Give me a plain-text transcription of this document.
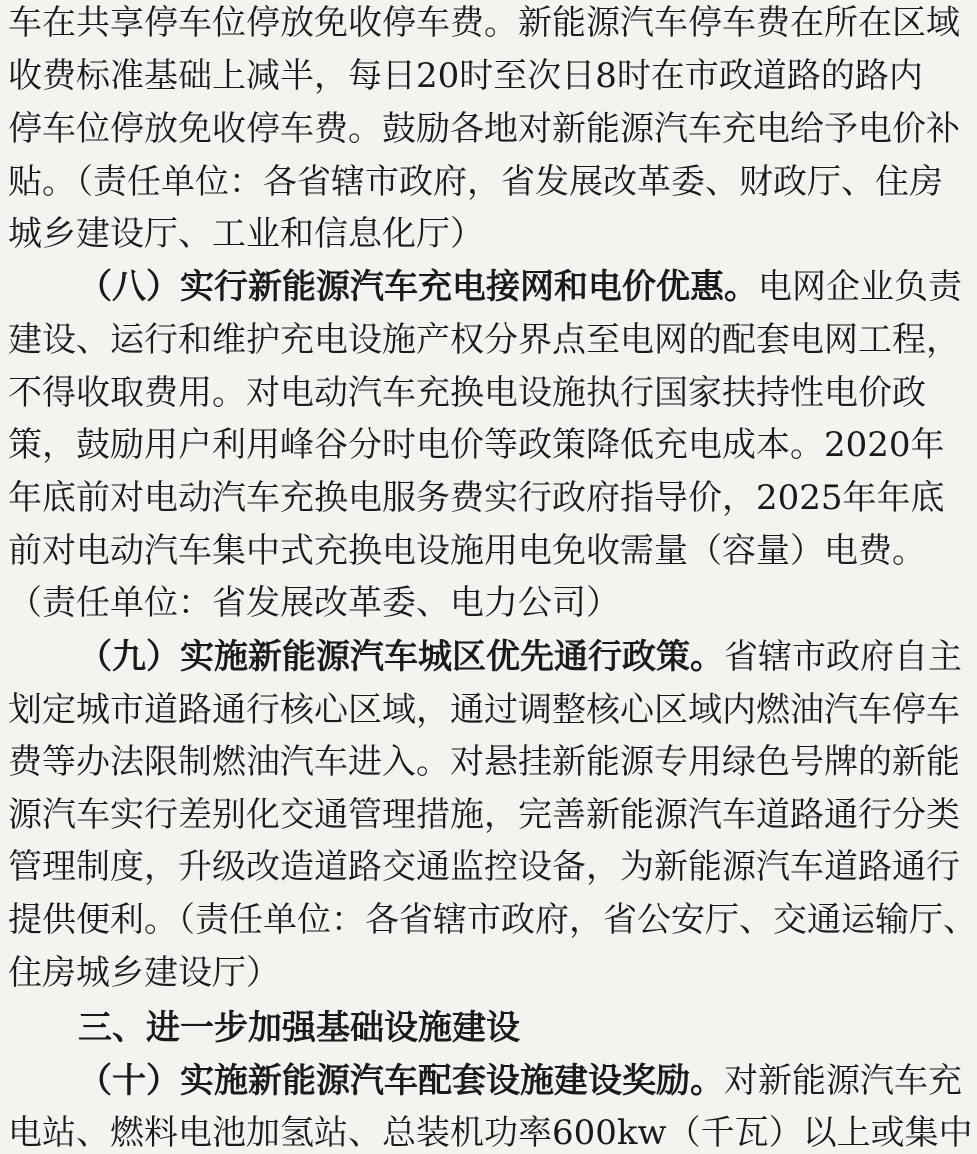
车在共享停车位停放免收停车费。新能源汽车停车费在所在区域
收费标准基础上减半，每日20时至次日8时在市政道路的路内
停车位停放免收停车费。鼓励各地对新能源汽车充电给予电价补
贴。（责任单位：各省辖市政府，省发展改革委、财政厅、住房
城乡建设厅、工业和信息化厅）
（八）实行新能源汽车充电接网和电价优惠。电网企业负责
建设、运行和维护充电设施产权分界点至电网的配套电网工程，
不得收取费用。对电动汽车充换电设施执行国家扶持性电价政
策，鼓励用户利用峰谷分时电价等政策降低充电成本。2020年
年底前对电动汽车充换电服务费实行政府指导价，2025年年底
前对电动汽车集中式充换电设施用电免收需量（容量）电费。
（责任单位：省发展改革委、电力公司）
（九）实施新能源汽车城区优先通行政策。省辖市政府自主
划定城市道路通行核心区域，通过调整核心区域内燃油汽车停车
费等办法限制燃油汽车进入。对悬挂新能源专用绿色号牌的新能
源汽车实行差别化交通管理措施，完善新能源汽车道路通行分类
管理制度，升级改造道路交通监控设备，为新能源汽车道路通行
提供便利。（责任单位：各省辖市政府，省公安厅、交通运输厅、
住房城乡建设厅）
三、进一步加强基础设施建设
（十）实施新能源汽车配套设施建设奖励。对新能源汽车充
电站、燃料电池加氢站、总装机功率600kw（千瓦）以上或集中
